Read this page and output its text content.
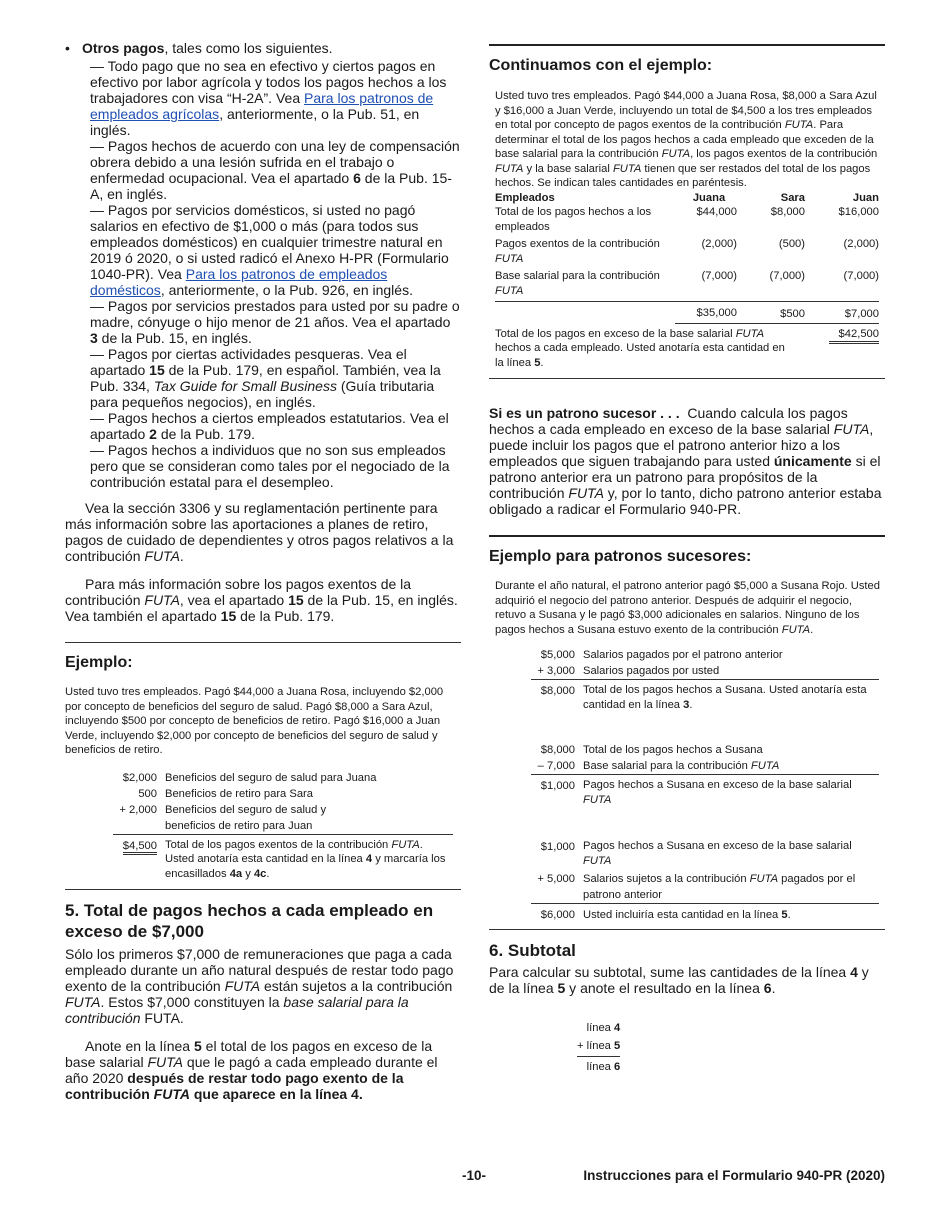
• Otros pagos, tales como los siguientes.

— Todo pago que no sea en efectivo y ciertos pagos en efectivo por labor agrícola y todos los pagos hechos a los trabajadores con visa “H-2A”. Vea Para los patronos de empleados agrícolas, anteriormente, o la Pub. 51, en inglés.

— Pagos hechos de acuerdo con una ley de compensación obrera debido a una lesión sufrida en el trabajo o enfermedad ocupacional. Vea el apartado 6 de la Pub. 15-A, en inglés.

— Pagos por servicios domésticos, si usted no pagó salarios en efectivo de $1,000 o más (para todos sus empleados domésticos) en cualquier trimestre natural en 2019 ó 2020, o si usted radicó el Anexo H-PR (Formulario 1040-PR). Vea Para los patronos de empleados domésticos, anteriormente, o la Pub. 926, en inglés.

— Pagos por servicios prestados para usted por su padre o madre, cónyuge o hijo menor de 21 años. Vea el apartado 3 de la Pub. 15, en inglés.

— Pagos por ciertas actividades pesqueras. Vea el apartado 15 de la Pub. 179, en español. También, vea la Pub. 334, Tax Guide for Small Business (Guía tributaria para pequeños negocios), en inglés.

— Pagos hechos a ciertos empleados estatutarios. Vea el apartado 2 de la Pub. 179.

— Pagos hechos a individuos que no son sus empleados pero que se consideran como tales por el negociado de la contribución estatal para el desempleo.

Vea la sección 3306 y su reglamentación pertinente para más información sobre las aportaciones a planes de retiro, pagos de cuidado de dependientes y otros pagos relativos a la contribución FUTA.

Para más información sobre los pagos exentos de la contribución FUTA, vea el apartado 15 de la Pub. 15, en inglés. Vea también el apartado 15 de la Pub. 179.

Ejemplo:

Usted tuvo tres empleados. Pagó $44,000 a Juana Rosa, incluyendo $2,000 por concepto de beneficios del seguro de salud. Pagó $8,000 a Sara Azul, incluyendo $500 por concepto de beneficios de retiro. Pagó $16,000 a Juan Verde, incluyendo $2,000 por concepto de beneficios del seguro de salud y beneficios de retiro.

$2,000	Beneficios del seguro de salud para Juana
500	Beneficios de retiro para Sara
+ 2,000	Beneficios del seguro de salud y
beneficios de retiro para Juan
$4,500	Total de los pagos exentos de la contribución FUTA. Usted anotaría esta cantidad en la línea 4 y marcaría los encasillados 4a y 4c.
5. Total de pagos hechos a cada empleado en exceso de $7,000

Sólo los primeros $7,000 de remuneraciones que paga a cada empleado durante un año natural después de restar todo pago exento de la contribución FUTA están sujetos a la contribución FUTA. Estos $7,000 constituyen la base salarial para la contribución FUTA.

Anote en la línea 5 el total de los pagos en exceso de la base salarial FUTA que le pagó a cada empleado durante el año 2020 después de restar todo pago exento de la contribución FUTA que aparece en la línea 4.

Continuamos con el ejemplo:

Usted tuvo tres empleados. Pagó $44,000 a Juana Rosa, $8,000 a Sara Azul y $16,000 a Juan Verde, incluyendo un total de $4,500 a los tres empleados en total por concepto de pagos exentos de la contribución FUTA. Para determinar el total de los pagos hechos a cada empleado que exceden de la base salarial para la contribución FUTA, los pagos exentos de la contribución FUTA y la base salarial FUTA tienen que ser restados del total de los pagos hechos. Se indican tales cantidades en paréntesis.

Empleados	Juana	Sara	Juan
Total de los pagos hechos a los empleados	$44,000	$8,000	$16,000
Pagos exentos de la contribución FUTA	(2,000)	(500)	(2,000)
Base salarial para la contribución FUTA	(7,000)	(7,000)	(7,000)
	$35,000	$500	$7,000
Total de los pagos en exceso de la base salarial FUTA hechos a cada empleado. Usted anotaría esta cantidad en la línea 5.			$42,500

Si es un patrono sucesor . . .  Cuando calcula los pagos hechos a cada empleado en exceso de la base salarial FUTA, puede incluir los pagos que el patrono anterior hizo a los empleados que siguen trabajando para usted únicamente si el patrono anterior era un patrono para propósitos de la contribución FUTA y, por lo tanto, dicho patrono anterior estaba obligado a radicar el Formulario 940-PR.

Ejemplo para patronos sucesores:

Durante el año natural, el patrono anterior pagó $5,000 a Susana Rojo. Usted adquirió el negocio del patrono anterior. Después de adquirir el negocio, retuvo a Susana y le pagó $3,000 adicionales en salarios. Ninguno de los pagos hechos a Susana estuvo exento de la contribución FUTA.

$5,000	Salarios pagados por el patrono anterior
+ 3,000	Salarios pagados por usted
$8,000	Total de los pagos hechos a Susana. Usted anotaría esta cantidad en la línea 3.
$8,000	Total de los pagos hechos a Susana
– 7,000	Base salarial para la contribución FUTA
$1,000	Pagos hechos a Susana en exceso de la base salarial FUTA
$1,000	Pagos hechos a Susana en exceso de la base salarial FUTA
+ 5,000	Salarios sujetos a la contribución FUTA pagados por el patrono anterior
$6,000	Usted incluiría esta cantidad en la línea 5.
6. Subtotal

Para calcular su subtotal, sume las cantidades de la línea 4 y de la línea 5 y anote el resultado en la línea 6.

línea 4
+ línea 5
línea 6
-10-	Instrucciones para el Formulario 940-PR (2020)
